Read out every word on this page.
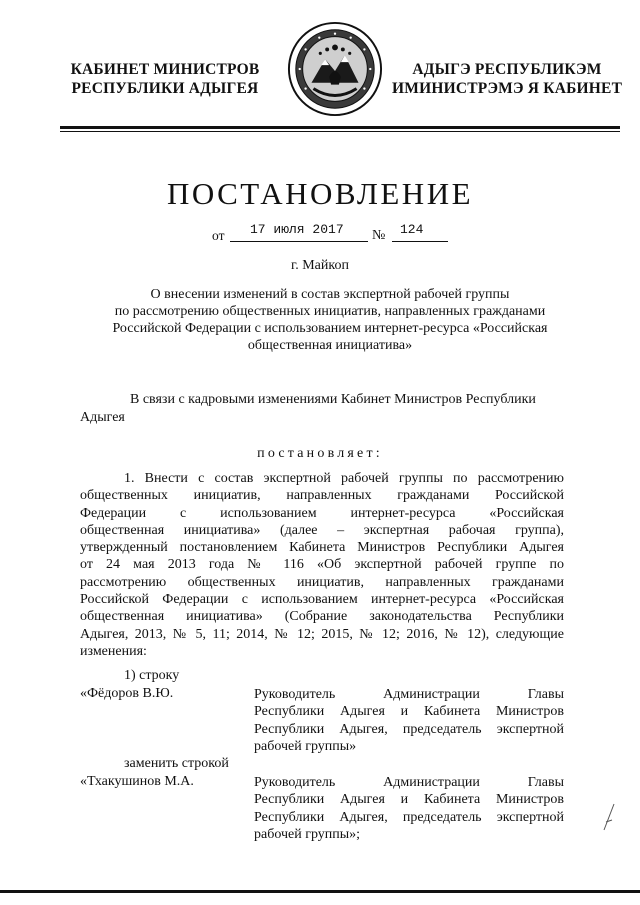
КАБИНЕТ МИНИСТРОВ
РЕСПУБЛИКИ АДЫГЕЯ
АДЫГЭ РЕСПУБЛИКЭМ
ИМИНИСТРЭМЭ Я КАБИНЕТ
ПОСТАНОВЛЕНИЕ
от 17 июля 2017 № 124
г. Майкоп
О внесении изменений в состав экспертной рабочей группы
по рассмотрению общественных инициатив, направленных гражданами
Российской Федерации с использованием интернет-ресурса «Российская
общественная инициатива»
В связи с кадровыми изменениями Кабинет Министров Республики
Адыгея
постановляет:
1. Внести с состав экспертной рабочей группы по рассмотрению
общественных инициатив, направленных гражданами Российской
Федерации с использованием интернет-ресурса «Российская
общественная инициатива» (далее – экспертная рабочая группа),
утвержденный постановлением Кабинета Министров Республики Адыгея
от 24 мая 2013 года № 116 «Об экспертной рабочей группе по
рассмотрению общественных инициатив, направленных гражданами
Российской Федерации с использованием интернет-ресурса «Российская
общественная инициатива» (Собрание законодательства Республики
Адыгея, 2013, № 5, 11; 2014, № 12; 2015, № 12; 2016, № 12), следующие
изменения:
1) строку
«Фёдоров В.Ю.	Руководитель Администрации Главы
Республики Адыгея и Кабинета Министров
Республики Адыгея, председатель экспертной
рабочей группы»
заменить строкой
«Тхакушинов М.А.	Руководитель Администрации Главы
Республики Адыгея и Кабинета Министров
Республики Адыгея, председатель экспертной
рабочей группы»;
